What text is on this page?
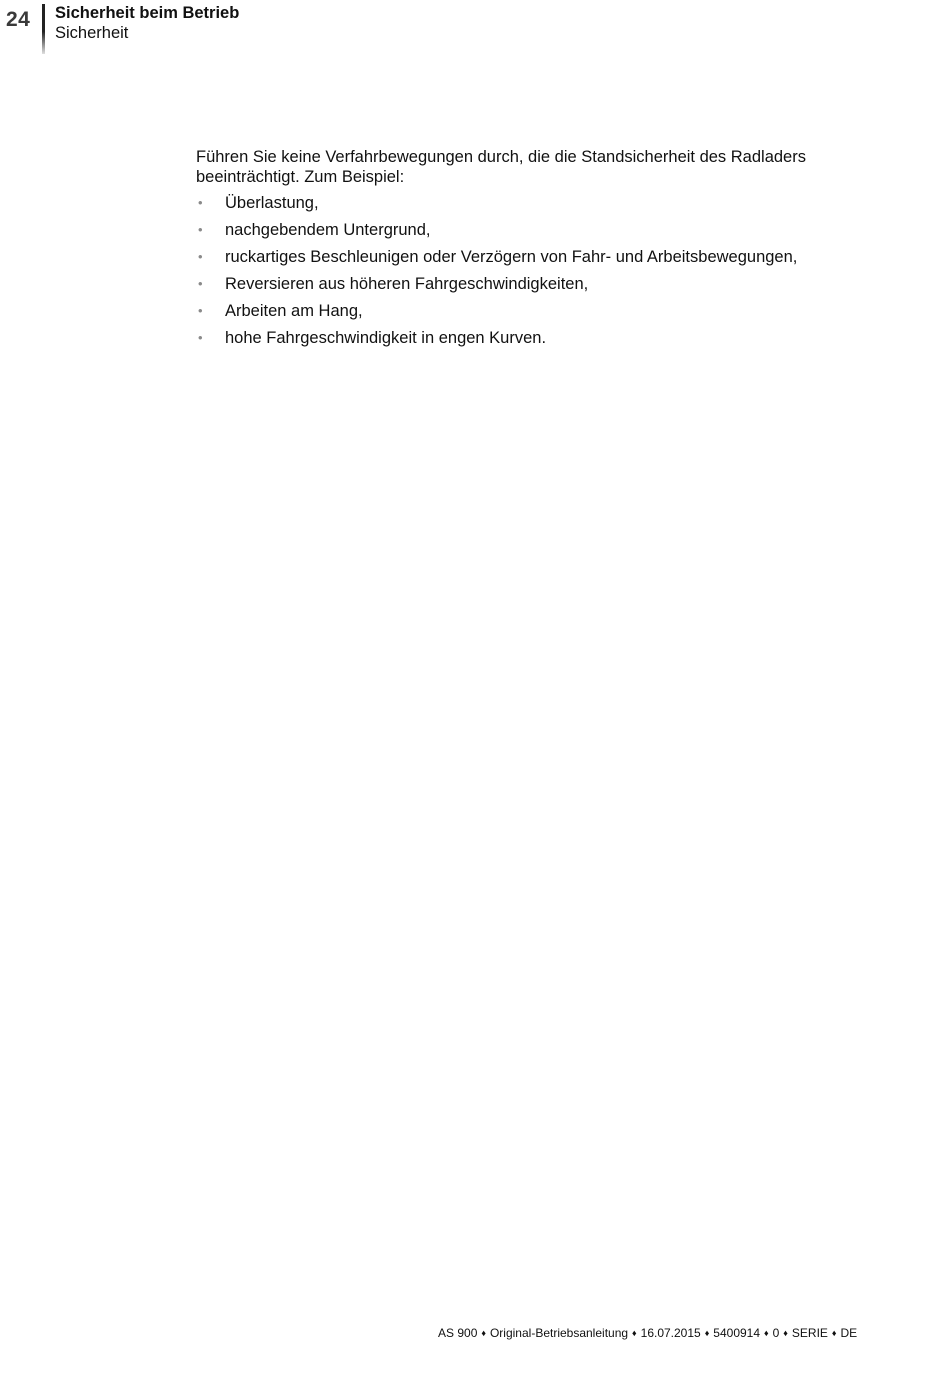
24 Sicherheit beim Betrieb
Sicherheit

Führen Sie keine Verfahrbewegungen durch, die die Standsicherheit des Radladers beeinträchtigt. Zum Beispiel:

• Überlastung,
• nachgebendem Untergrund,
• ruckartiges Beschleunigen oder Verzögern von Fahr- und Arbeitsbewegungen,
• Reversieren aus höheren Fahrgeschwindigkeiten,
• Arbeiten am Hang,
• hohe Fahrgeschwindigkeit in engen Kurven.
AS 900 ♦ Original-Betriebsanleitung ♦ 16.07.2015 ♦ 5400914 ♦ 0 ♦ SERIE ♦ DE
